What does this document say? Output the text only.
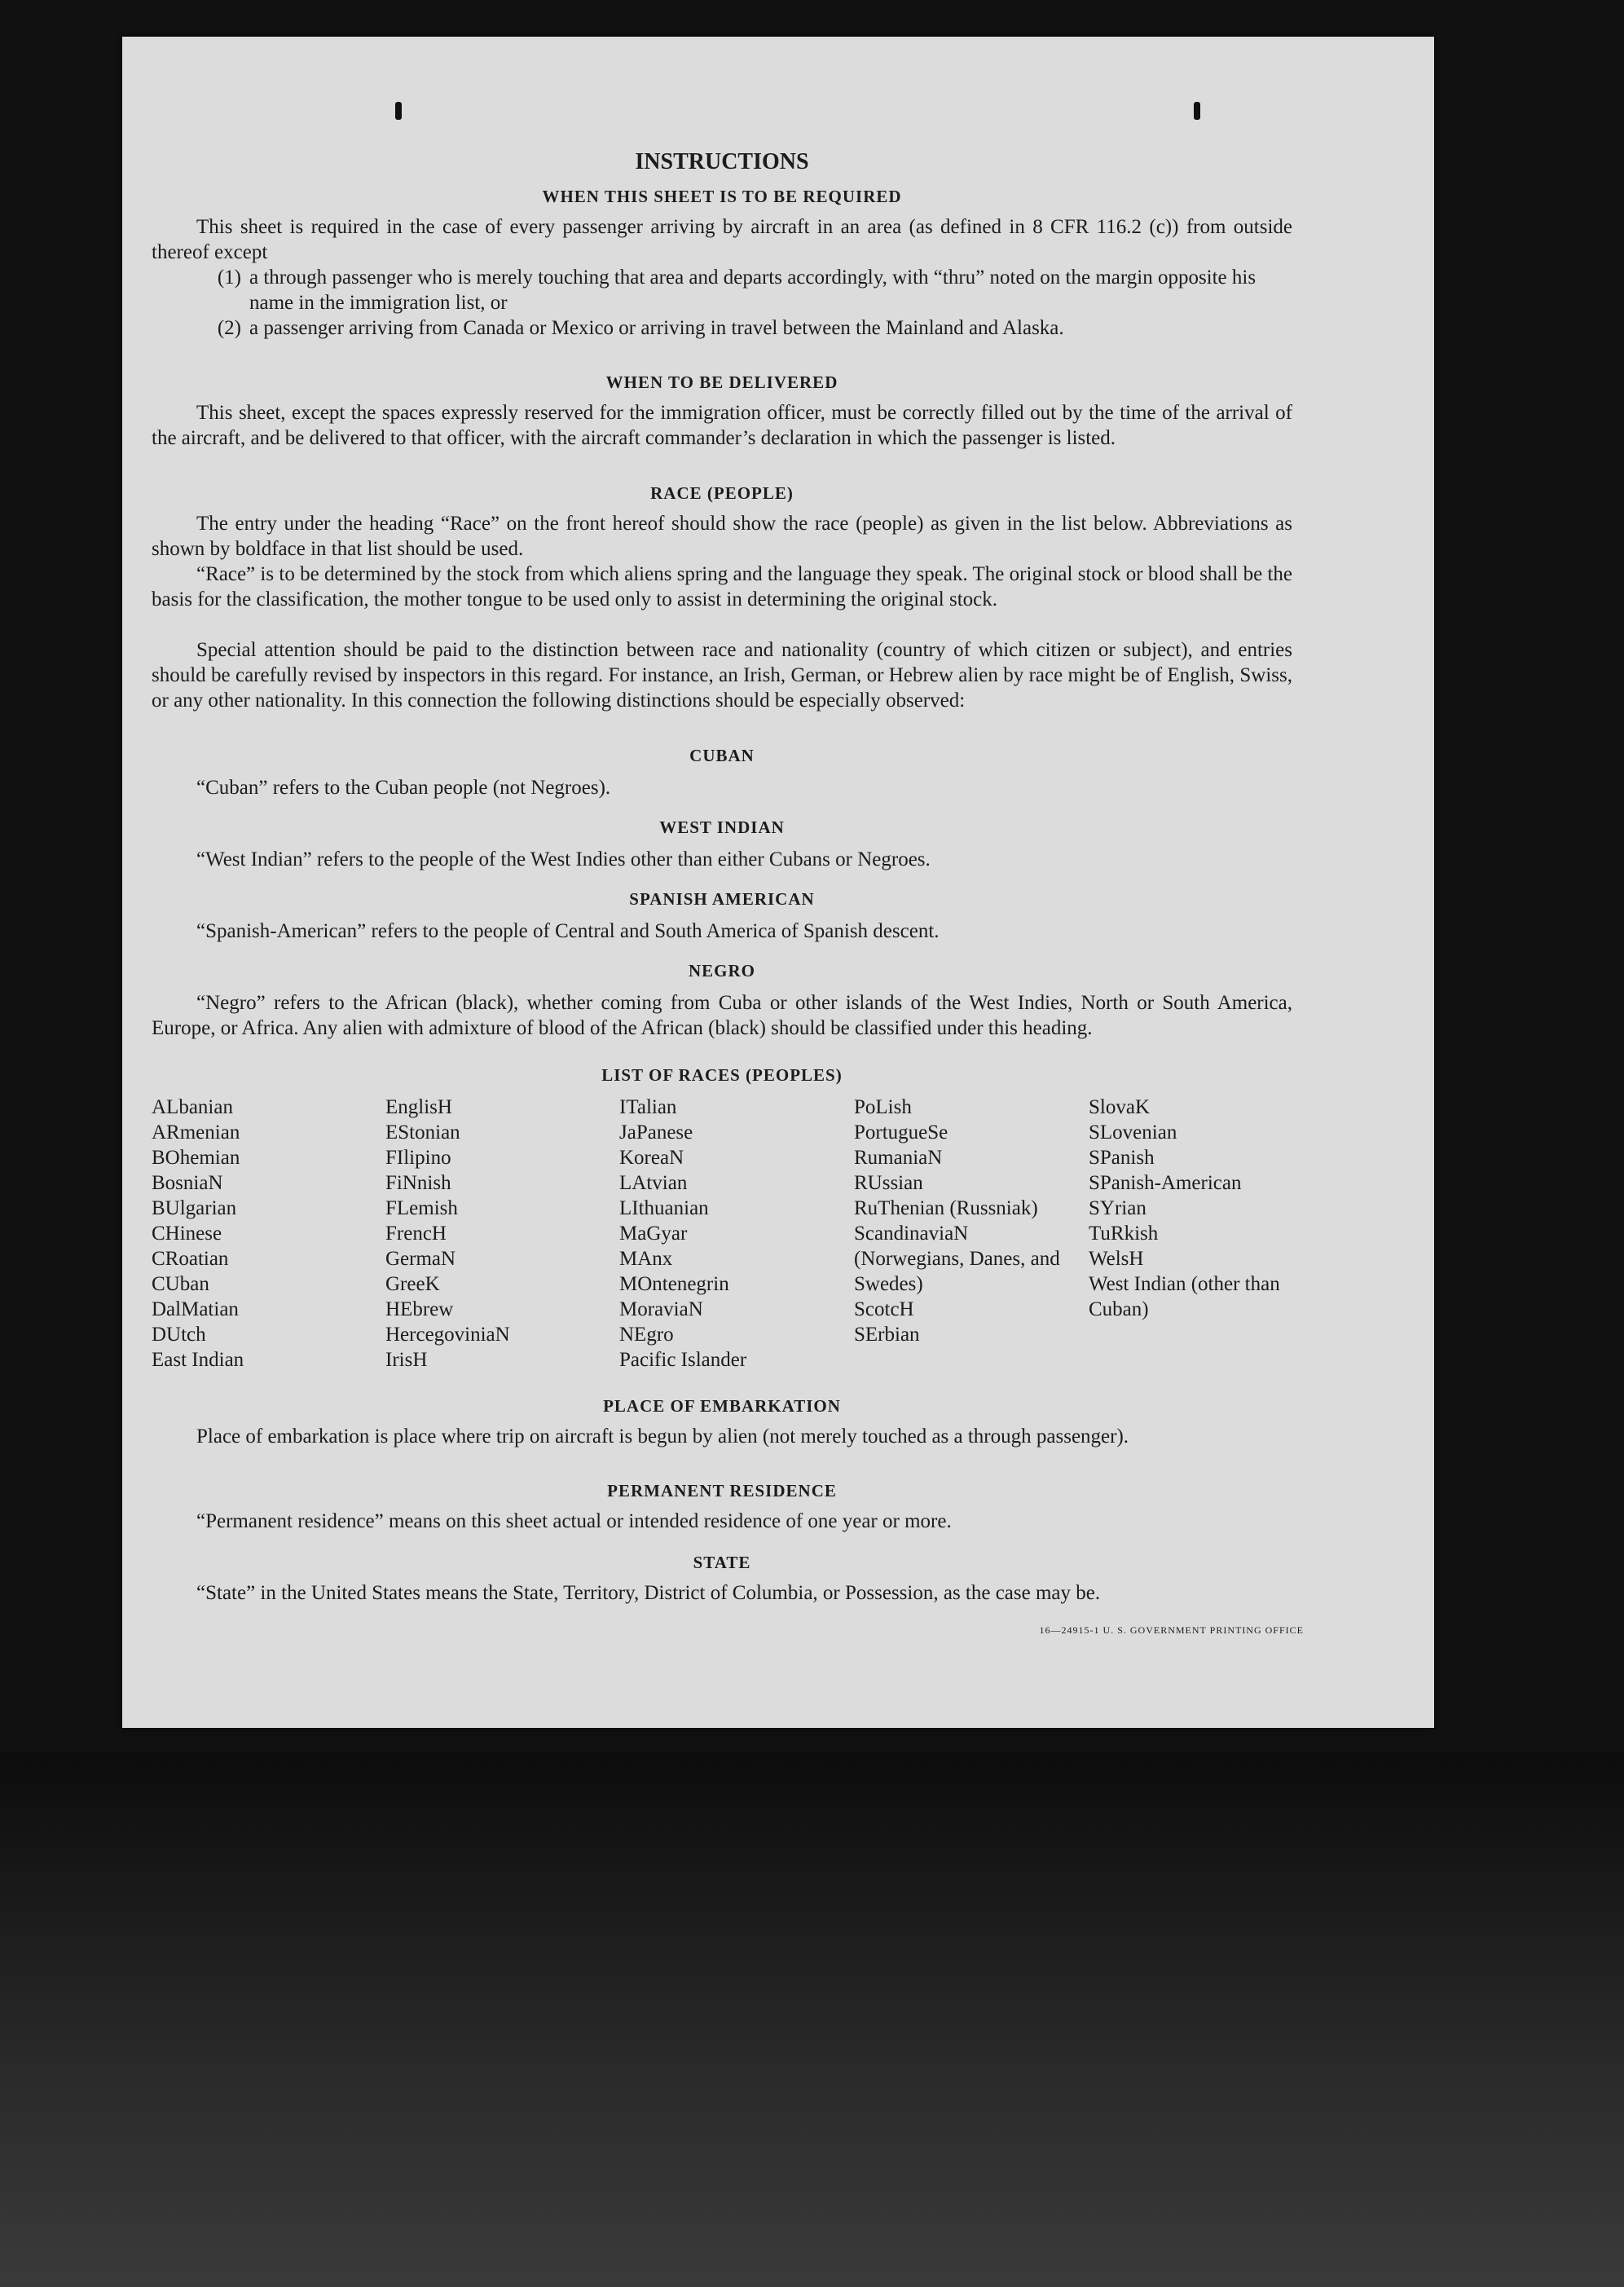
INSTRUCTIONS
WHEN THIS SHEET IS TO BE REQUIRED
This sheet is required in the case of every passenger arriving by aircraft in an area (as defined in 8 CFR 116.2 (c)) from outside thereof except
(1) a through passenger who is merely touching that area and departs accordingly, with “thru” noted on the margin opposite his name in the immigration list, or
(2) a passenger arriving from Canada or Mexico or arriving in travel between the Mainland and Alaska.
WHEN TO BE DELIVERED
This sheet, except the spaces expressly reserved for the immigration officer, must be correctly filled out by the time of the arrival of the aircraft, and be delivered to that officer, with the aircraft commander’s declaration in which the passenger is listed.
RACE (PEOPLE)
The entry under the heading “Race” on the front hereof should show the race (people) as given in the list below. Abbreviations as shown by boldface in that list should be used.
“Race” is to be determined by the stock from which aliens spring and the language they speak. The original stock or blood shall be the basis for the classification, the mother tongue to be used only to assist in determining the original stock.
Special attention should be paid to the distinction between race and nationality (country of which citizen or subject), and entries should be carefully revised by inspectors in this regard. For instance, an Irish, German, or Hebrew alien by race might be of English, Swiss, or any other nationality. In this connection the following distinctions should be especially observed:
CUBAN
“Cuban” refers to the Cuban people (not Negroes).
WEST INDIAN
“West Indian” refers to the people of the West Indies other than either Cubans or Negroes.
SPANISH AMERICAN
“Spanish-American” refers to the people of Central and South America of Spanish descent.
NEGRO
“Negro” refers to the African (black), whether coming from Cuba or other islands of the West Indies, North or South America, Europe, or Africa. Any alien with admixture of blood of the African (black) should be classified under this heading.
LIST OF RACES (PEOPLES)
ALbanian
ARmenian
BOhemian
BosniaN
BUlgarian
CHinese
CRoatian
CUban
DalMatian
DUtch
East Indian
EnglisH
EStonian
FIlipino
FiNnish
FLemish
FrencH
GermaN
GreeK
HEbrew
HercegoviniaN
IrisH
ITalian
JaPanese
KoreaN
LAtvian
LIthuanian
MaGyar
MAnx
MOntenegrin
MoraviaN
NEgro
Pacific Islander
PoLish
PortugueSe
RumaniaN
RUssian
RuThenian (Russniak)
ScandinaviaN (Norwegians, Danes, and Swedes)
ScotcH
SErbian
SlovaK
SLovenian
SPanish
SPanish-American
SYrian
TuRkish
WelsH
West Indian (other than Cuban)
PLACE OF EMBARKATION
Place of embarkation is place where trip on aircraft is begun by alien (not merely touched as a through passenger).
PERMANENT RESIDENCE
“Permanent residence” means on this sheet actual or intended residence of one year or more.
STATE
“State” in the United States means the State, Territory, District of Columbia, or Possession, as the case may be.
16—24915-1 U. S. GOVERNMENT PRINTING OFFICE
